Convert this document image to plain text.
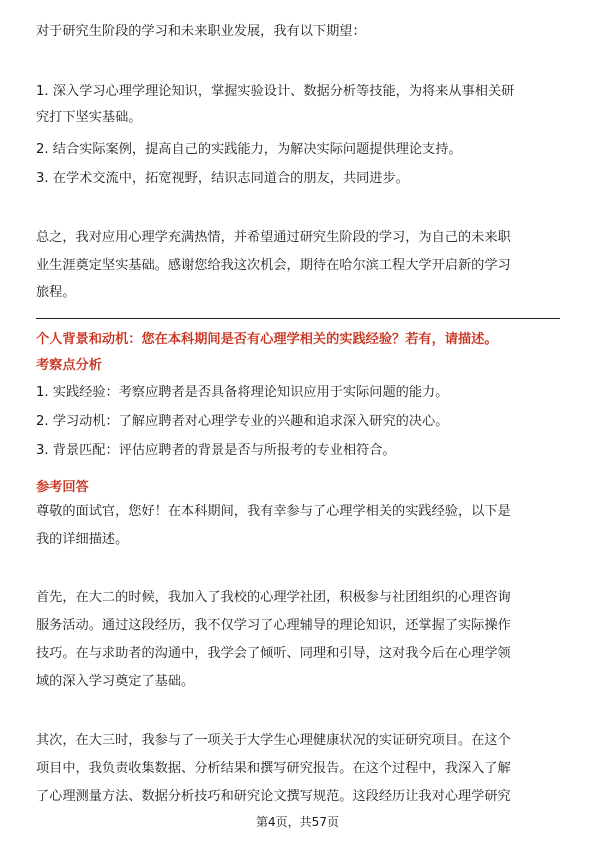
对于研究生阶段的学习和未来职业发展，我有以下期望：
1. 深入学习心理学理论知识，掌握实验设计、数据分析等技能，为将来从事相关研
究打下坚实基础。
2. 结合实际案例，提高自己的实践能力，为解决实际问题提供理论支持。
3. 在学术交流中，拓宽视野，结识志同道合的朋友，共同进步。
总之，我对应用心理学充满热情，并希望通过研究生阶段的学习，为自己的未来职
业生涯奠定坚实基础。感谢您给我这次机会，期待在哈尔滨工程大学开启新的学习
旅程。
个人背景和动机：您在本科期间是否有心理学相关的实践经验？若有，请描述。
考察点分析
1. 实践经验：考察应聘者是否具备将理论知识应用于实际问题的能力。
2. 学习动机：了解应聘者对心理学专业的兴趣和追求深入研究的决心。
3. 背景匹配：评估应聘者的背景是否与所报考的专业相符合。
参考回答
尊敬的面试官，您好！在本科期间，我有幸参与了心理学相关的实践经验，以下是
我的详细描述。
首先，在大二的时候，我加入了我校的心理学社团，积极参与社团组织的心理咨询
服务活动。通过这段经历，我不仅学习了心理辅导的理论知识，还掌握了实际操作
技巧。在与求助者的沟通中，我学会了倾听、同理和引导，这对我今后在心理学领
域的深入学习奠定了基础。
其次，在大三时，我参与了一项关于大学生心理健康状况的实证研究项目。在这个
项目中，我负责收集数据、分析结果和撰写研究报告。在这个过程中，我深入了解
了心理测量方法、数据分析技巧和研究论文撰写规范。这段经历让我对心理学研究
第4页，共57页
